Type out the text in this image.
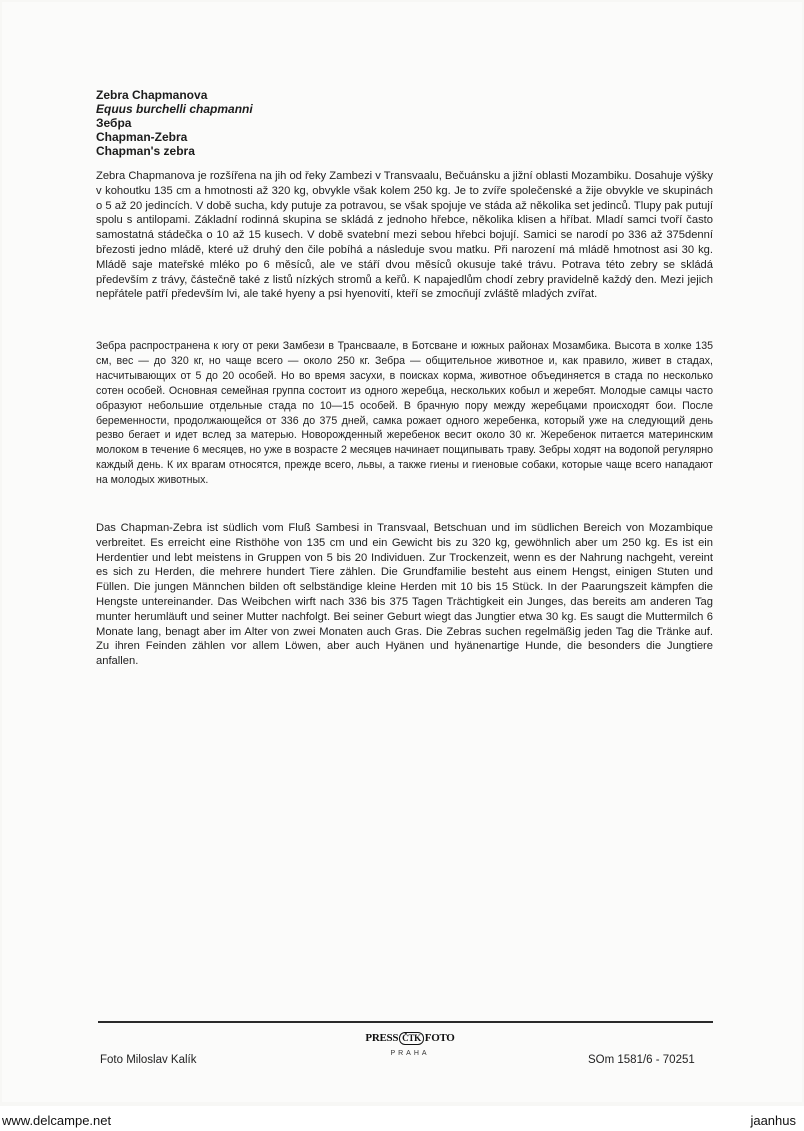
Zebra Chapmanova
Equus burchelli chapmanni
Зебра
Chapman-Zebra
Chapman's zebra

Zebra Chapmanova je rozšířena na jih od řeky Zambezi v Transvaalu, Bečuánsku a jižní oblasti Mozambiku. Dosahuje výšky v kohoutku 135 cm a hmotnosti až 320 kg, obvykle však kolem 250 kg. Je to zvíře společenské a žije obvykle ve skupinách o 5 až 20 jedincích. V době sucha, kdy putuje za potravou, se však spojuje ve stáda až několika set jedinců. Tlupy pak putují spolu s antilopami. Základní rodinná skupina se skládá z jednoho hřebce, několika klisen a hříbat. Mladí samci tvoří často samostatná stádečka o 10 až 15 kusech. V době svatební mezi sebou hřebci bojují. Samici se narodí po 336 až 375denní březosti jedno mládě, které už druhý den čile pobíhá a následuje svou matku. Při narození má mládě hmotnost asi 30 kg. Mládě saje mateřské mléko po 6 měsíců, ale ve stáří dvou měsíců okusuje také trávu. Potrava této zebry se skládá především z trávy, částečně také z listů nízkých stromů a keřů. K napajedlům chodí zebry pravidelně každý den. Mezi jejich nepřátele patří především lvi, ale také hyeny a psi hyenovití, kteří se zmocňují zvláště mladých zvířat.

Зебра распространена к югу от реки Замбези в Трансваале, в Ботсване и южных районах Мозамбика. Высота в холке 135 см, вес — до 320 кг, но чаще всего — около 250 кг. Зебра — общительное животное и, как правило, живет в стадах, насчитывающих от 5 до 20 особей. Но во время засухи, в поисках корма, животное объединяется в стада по несколько сотен особей. Основная семейная группа состоит из одного жеребца, нескольких кобыл и жеребят. Молодые самцы часто образуют небольшие отдельные стада по 10—15 особей. В брачную пору между жеребцами происходят бои. После беременности, продолжающейся от 336 до 375 дней, самка рожает одного жеребенка, который уже на следующий день резво бегает и идет вслед за матерью. Новорожденный жеребенок весит около 30 кг. Жеребенок питается материнским молоком в течение 6 месяцев, но уже в возрасте 2 месяцев начинает пощипывать траву. Зебры ходят на водопой регулярно каждый день. К их врагам относятся, прежде всего, львы, а также гиены и гиеновые собаки, которые чаще всего нападают на молодых животных.

Das Chapman-Zebra ist südlich vom Fluß Sambesi in Transvaal, Betschuan und im südlichen Bereich von Mozambique verbreitet. Es erreicht eine Risthöhe von 135 cm und ein Gewicht bis zu 320 kg, gewöhnlich aber um 250 kg. Es ist ein Herdentier und lebt meistens in Gruppen von 5 bis 20 Individuen. Zur Trockenzeit, wenn es der Nahrung nachgeht, vereint es sich zu Herden, die mehrere hundert Tiere zählen. Die Grundfamilie besteht aus einem Hengst, einigen Stuten und Füllen. Die jungen Männchen bilden oft selbständige kleine Herden mit 10 bis 15 Stück. In der Paarungszeit kämpfen die Hengste untereinander. Das Weibchen wirft nach 336 bis 375 Tagen Trächtigkeit ein Junges, das bereits am anderen Tag munter herumläuft und seiner Mutter nachfolgt. Bei seiner Geburt wiegt das Jungtier etwa 30 kg. Es saugt die Muttermilch 6 Monate lang, benagt aber im Alter von zwei Monaten auch Gras. Die Zebras suchen regelmäßig jeden Tag die Tränke auf. Zu ihren Feinden zählen vor allem Löwen, aber auch Hyänen und hyänenartige Hunde, die besonders die Jungtiere anfallen.

Foto Miloslav Kalík
PRESS ČTK FOTO
PRAHA
SOm 1581/6 - 70251
www.delcampe.net	jaanhus
